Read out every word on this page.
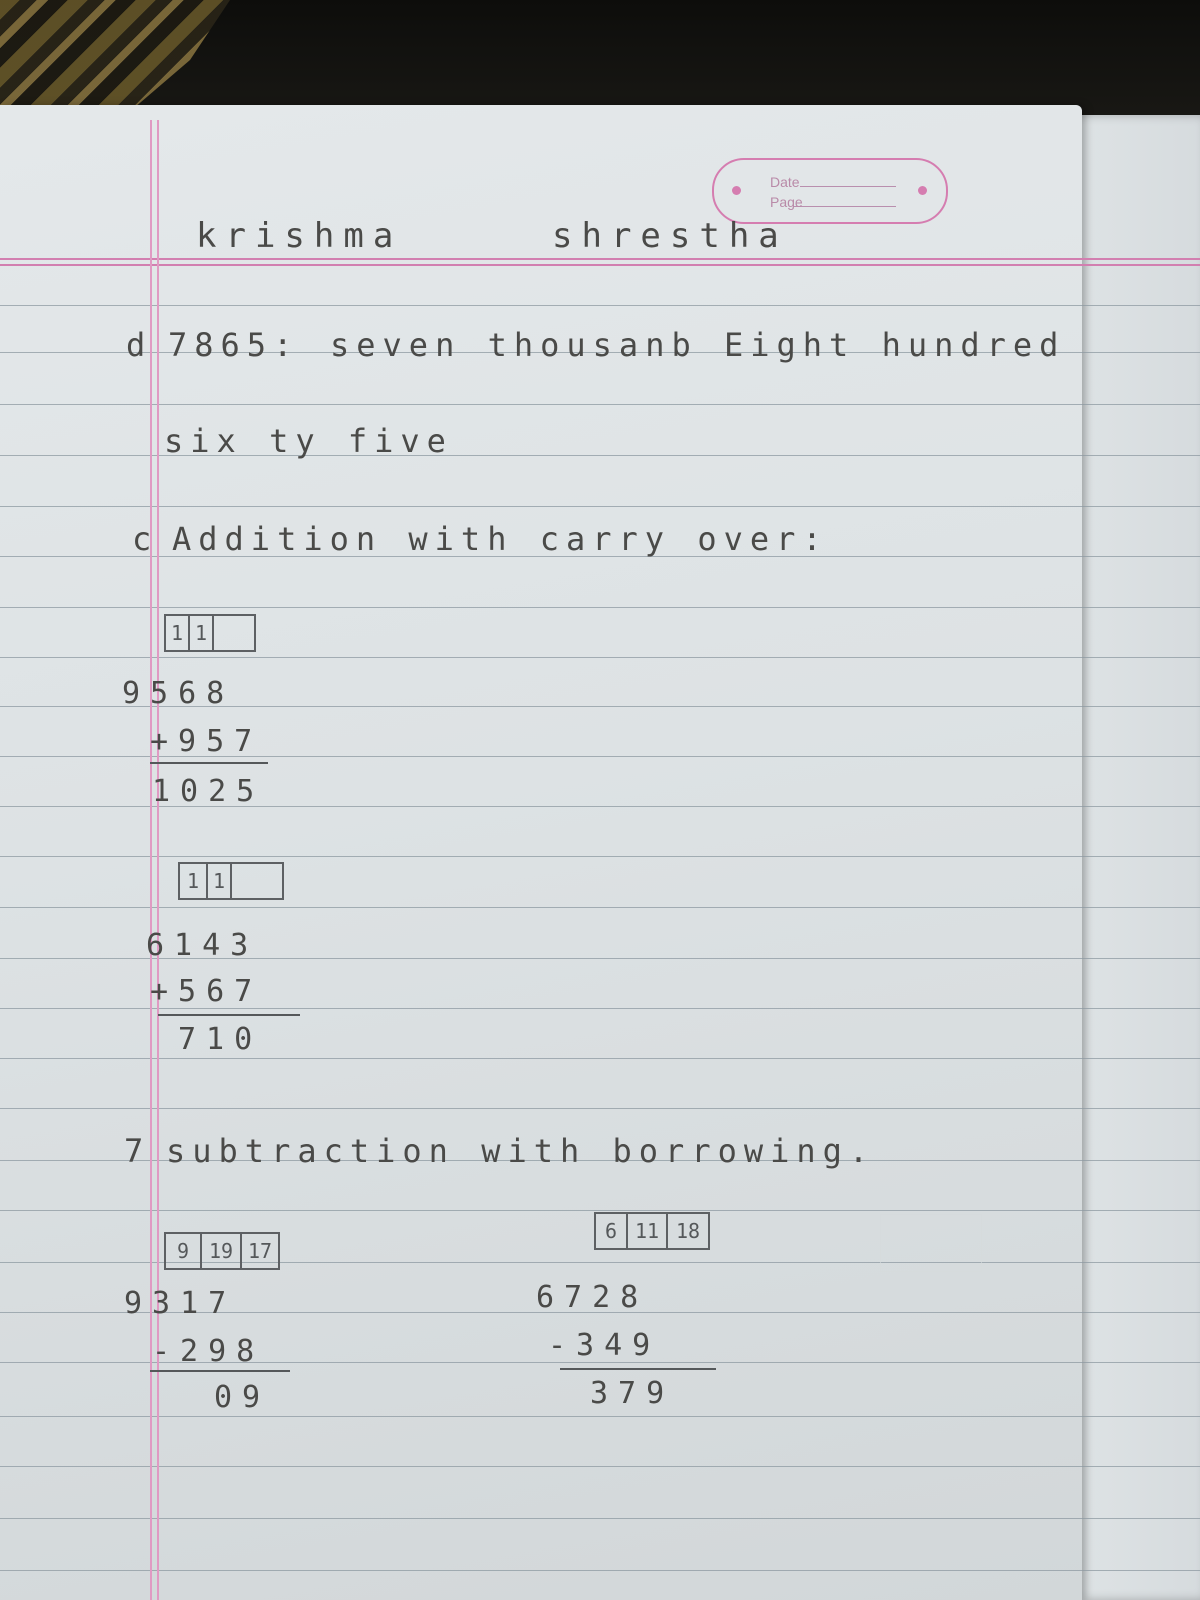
Date
Page
krishma	shrestha
d 7865: seven thousanb Eight hundred
six ty five
c Addition with carry over:
1 1
9568
+957
1025
1 1
6143
+567
710
7 subtraction with borrowing.
9 19 17
9317
-298
09
6 11 18
6728
-349
379
